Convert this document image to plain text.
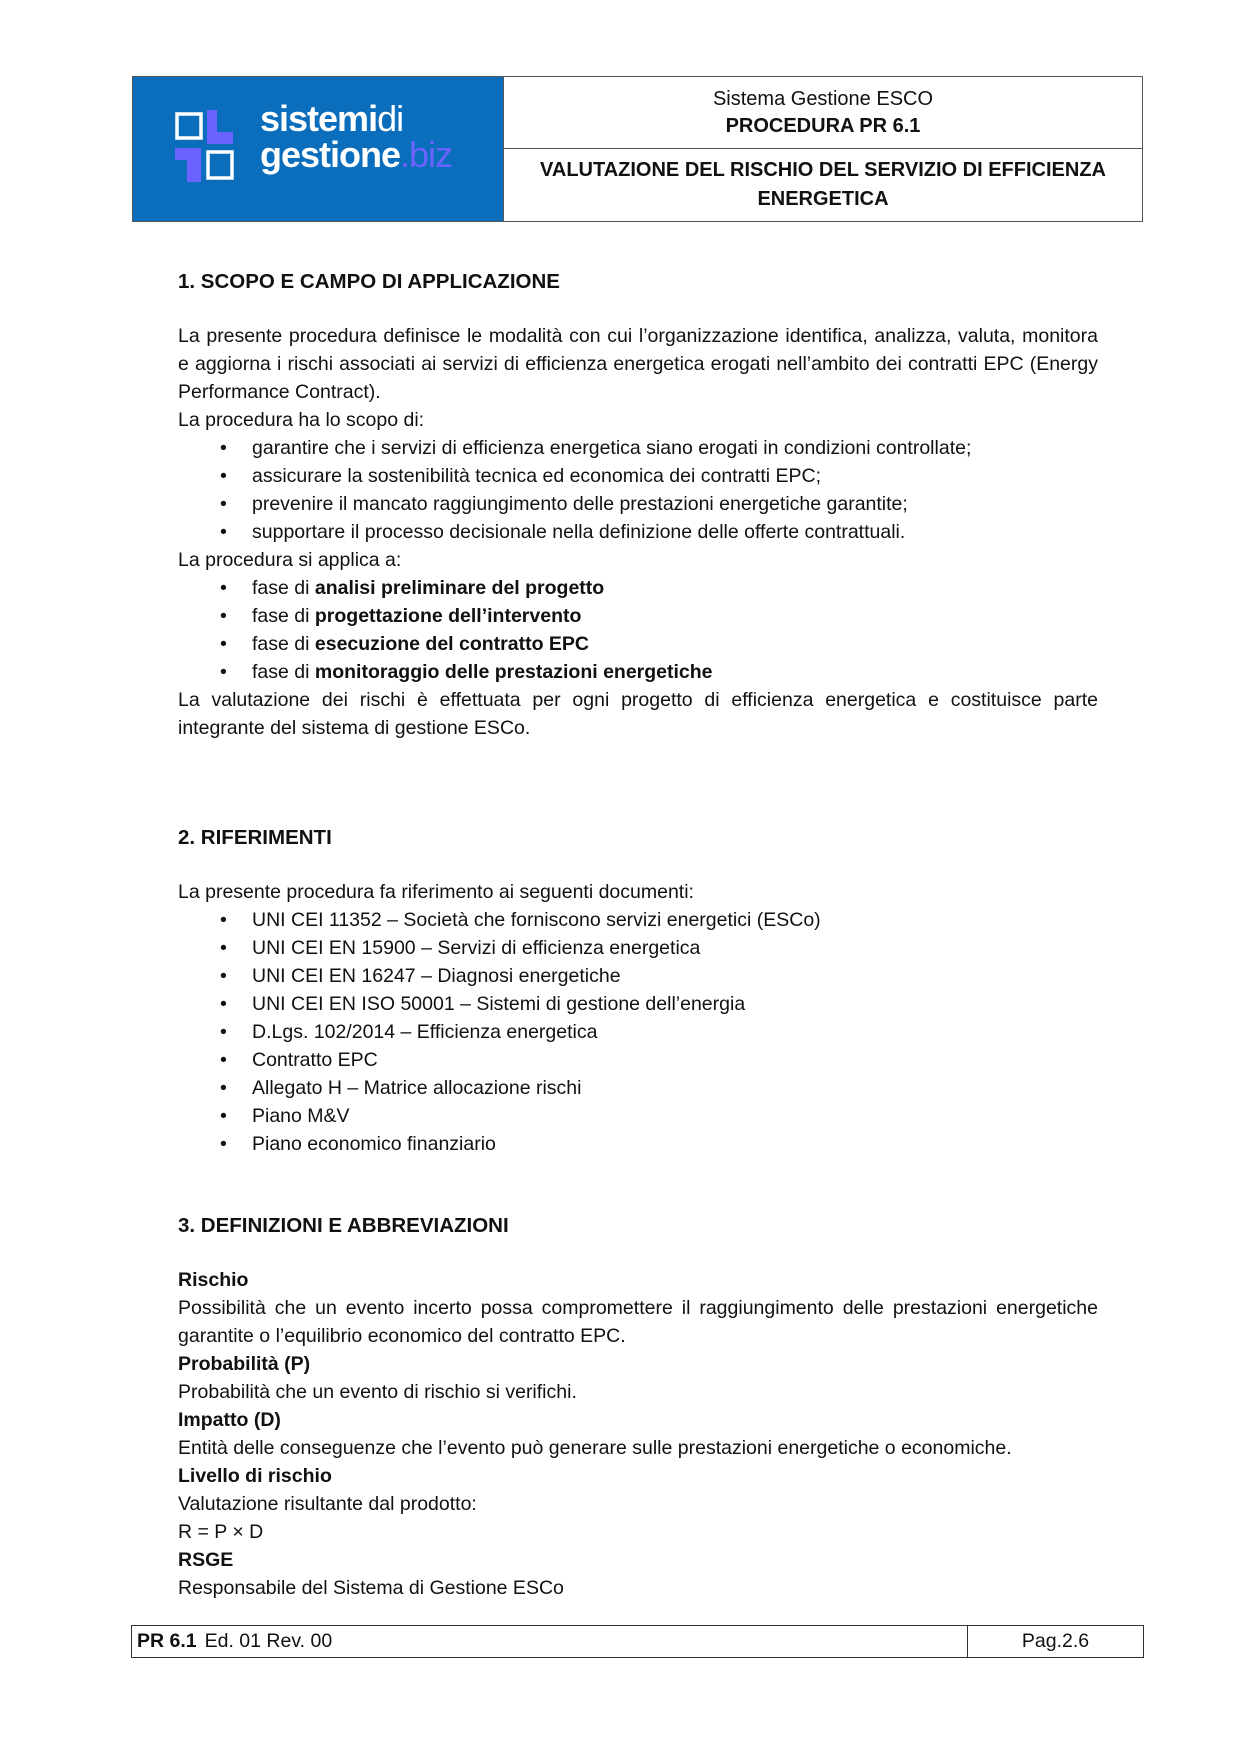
sistemidi
gestione.biz
Sistema Gestione ESCO
PROCEDURA PR 6.1
VALUTAZIONE DEL RISCHIO DEL SERVIZIO DI EFFICIENZA ENERGETICA
1. SCOPO E CAMPO DI APPLICAZIONE
La presente procedura definisce le modalità con cui l’organizzazione identifica, analizza, valuta, monitora e aggiorna i rischi associati ai servizi di efficienza energetica erogati nell’ambito dei contratti EPC (Energy Performance Contract).
La procedura ha lo scopo di:
• garantire che i servizi di efficienza energetica siano erogati in condizioni controllate;
• assicurare la sostenibilità tecnica ed economica dei contratti EPC;
• prevenire il mancato raggiungimento delle prestazioni energetiche garantite;
• supportare il processo decisionale nella definizione delle offerte contrattuali.
La procedura si applica a:
• fase di analisi preliminare del progetto
• fase di progettazione dell’intervento
• fase di esecuzione del contratto EPC
• fase di monitoraggio delle prestazioni energetiche
La valutazione dei rischi è effettuata per ogni progetto di efficienza energetica e costituisce parte integrante del sistema di gestione ESCo.
2. RIFERIMENTI
La presente procedura fa riferimento ai seguenti documenti:
• UNI CEI 11352 – Società che forniscono servizi energetici (ESCo)
• UNI CEI EN 15900 – Servizi di efficienza energetica
• UNI CEI EN 16247 – Diagnosi energetiche
• UNI CEI EN ISO 50001 – Sistemi di gestione dell’energia
• D.Lgs. 102/2014 – Efficienza energetica
• Contratto EPC
• Allegato H – Matrice allocazione rischi
• Piano M&V
• Piano economico finanziario
3. DEFINIZIONI E ABBREVIAZIONI
Rischio
Possibilità che un evento incerto possa compromettere il raggiungimento delle prestazioni energetiche garantite o l’equilibrio economico del contratto EPC.
Probabilità (P)
Probabilità che un evento di rischio si verifichi.
Impatto (D)
Entità delle conseguenze che l’evento può generare sulle prestazioni energetiche o economiche.
Livello di rischio
Valutazione risultante dal prodotto:
R = P × D
RSGE
Responsabile del Sistema di Gestione ESCo
PR 6.1 Ed. 01 Rev. 00	Pag.2.6
